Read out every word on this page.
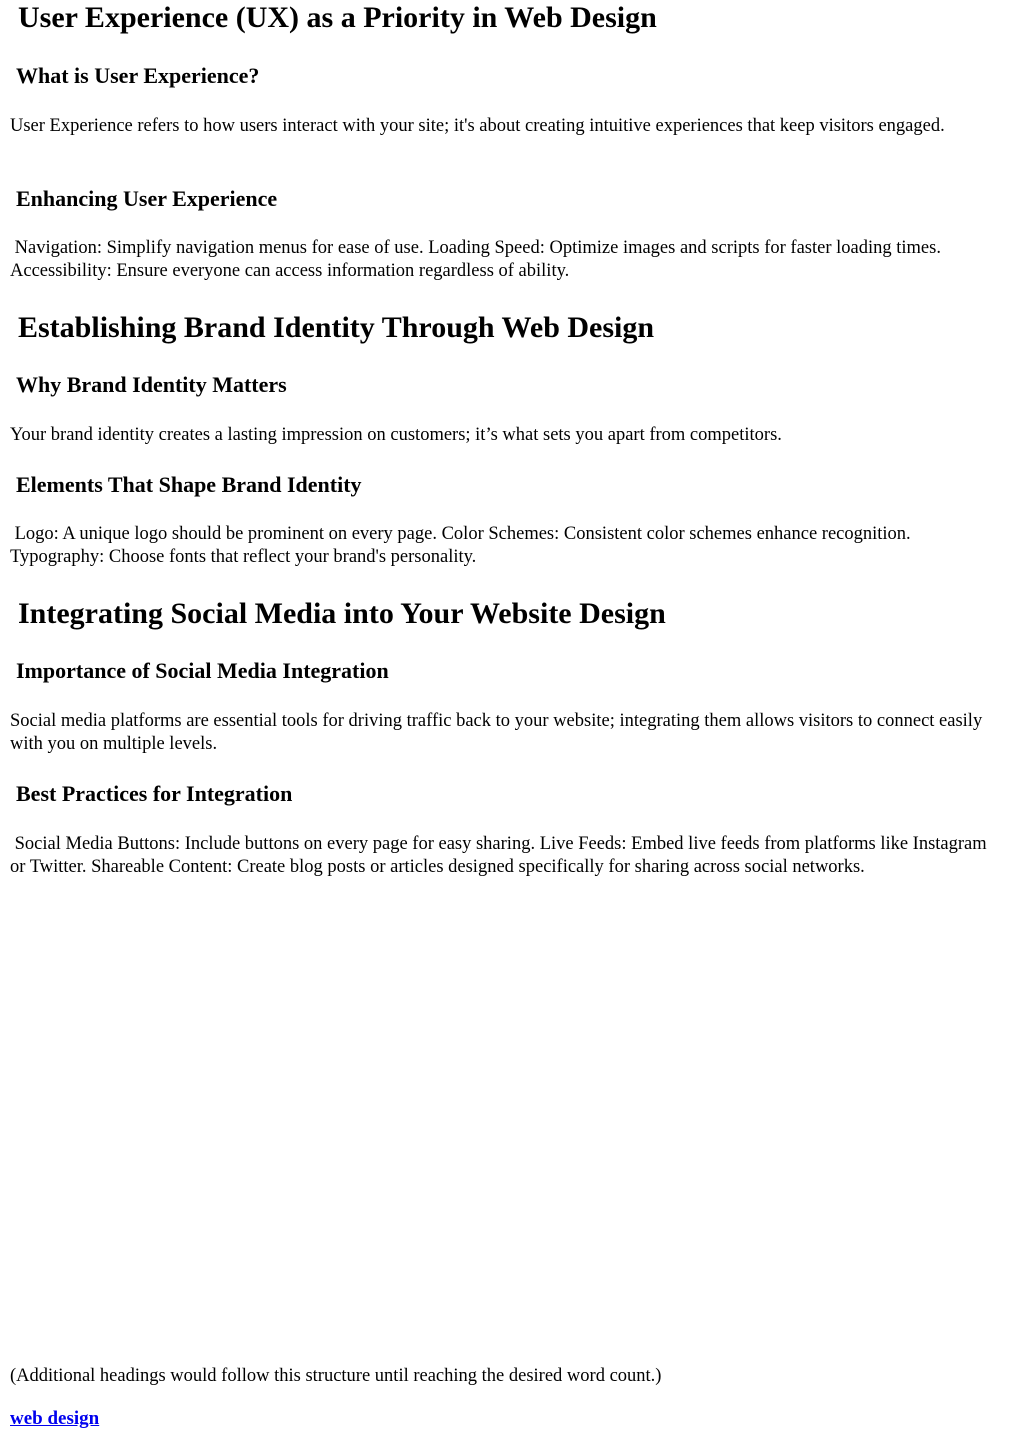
User Experience (UX) as a Priority in Web Design
What is User Experience?

User Experience refers to how users interact with your site; it's about creating intuitive experiences that keep visitors engaged.

Enhancing User Experience

Navigation: Simplify navigation menus for ease of use. Loading Speed: Optimize images and scripts for faster loading times. Accessibility: Ensure everyone can access information regardless of ability.

Establishing Brand Identity Through Web Design
Why Brand Identity Matters

Your brand identity creates a lasting impression on customers; it’s what sets you apart from competitors.

Elements That Shape Brand Identity

Logo: A unique logo should be prominent on every page. Color Schemes: Consistent color schemes enhance recognition. Typography: Choose fonts that reflect your brand's personality.

Integrating Social Media into Your Website Design
Importance of Social Media Integration

Social media platforms are essential tools for driving traffic back to your website; integrating them allows visitors to connect easily with you on multiple levels.

Best Practices for Integration

Social Media Buttons: Include buttons on every page for easy sharing. Live Feeds: Embed live feeds from platforms like Instagram or Twitter. Shareable Content: Create blog posts or articles designed specifically for sharing across social networks.

(Additional headings would follow this structure until reaching the desired word count.)

web design
